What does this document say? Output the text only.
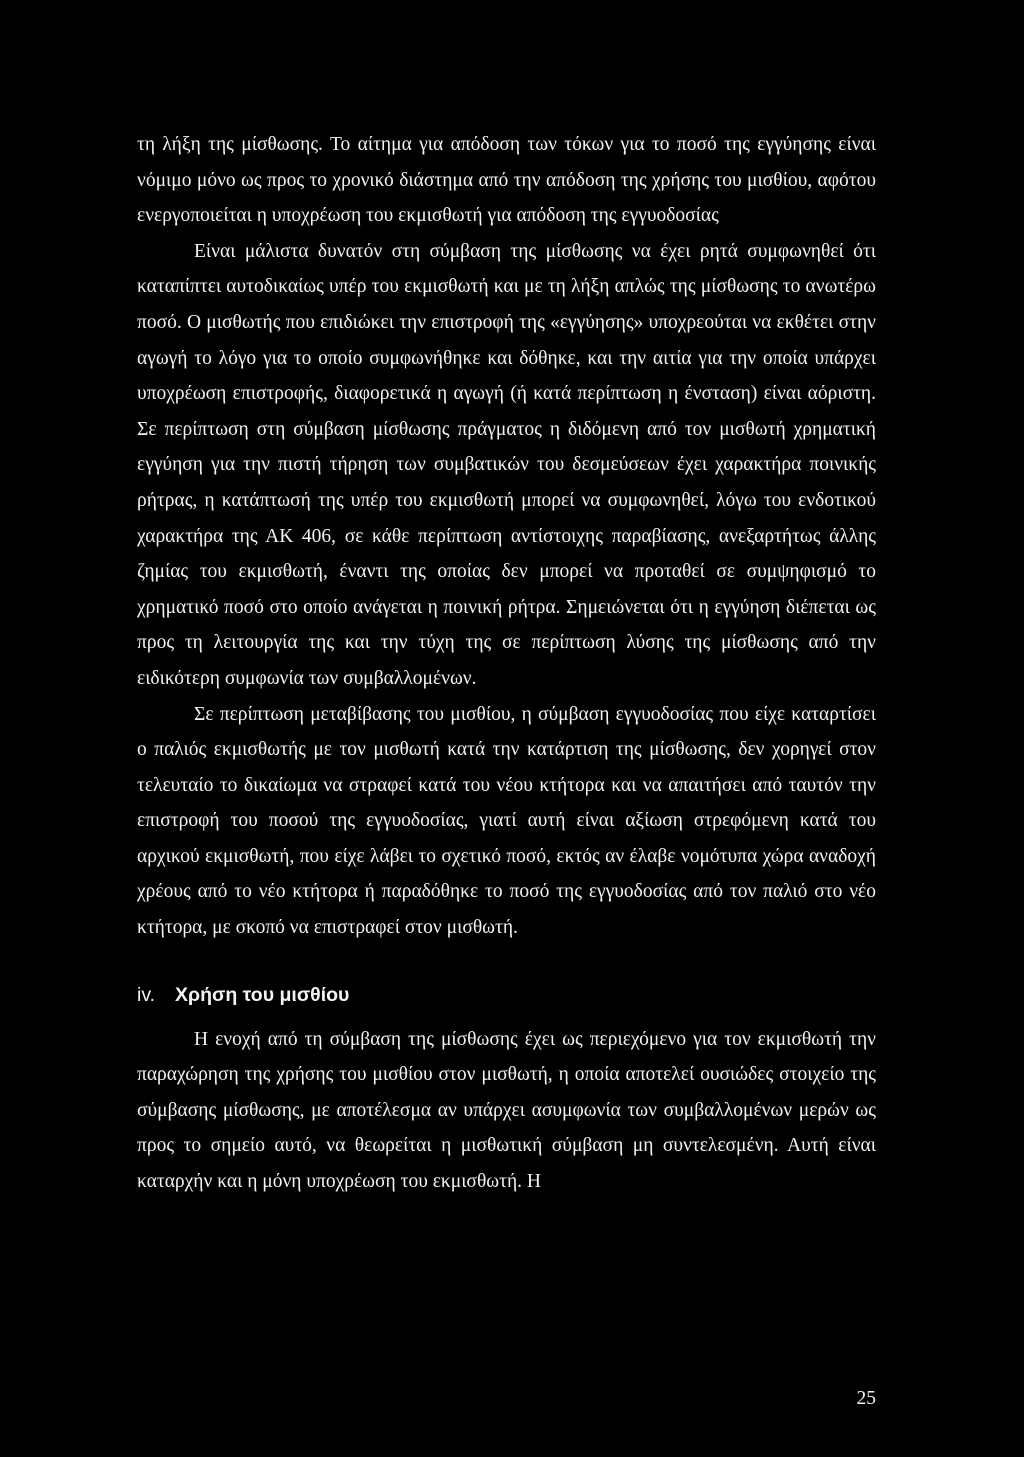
τη λήξη της μίσθωσης. Το αίτημα για απόδοση των τόκων για το ποσό της εγγύησης είναι νόμιμο μόνο ως προς το χρονικό διάστημα από την απόδοση της χρήσης του μισθίου, αφότου ενεργοποιείται η υποχρέωση του εκμισθωτή για απόδοση της εγγυοδοσίας

Είναι μάλιστα δυνατόν στη σύμβαση της μίσθωσης να έχει ρητά συμφωνηθεί ότι καταπίπτει αυτοδικαίως υπέρ του εκμισθωτή και με τη λήξη απλώς της μίσθωσης το ανωτέρω ποσό. Ο μισθωτής που επιδιώκει την επιστροφή της «εγγύησης» υποχρεούται να εκθέτει στην αγωγή το λόγο για το οποίο συμφωνήθηκε και δόθηκε, και την αιτία για την οποία υπάρχει υποχρέωση επιστροφής, διαφορετικά η αγωγή (ή κατά περίπτωση η ένσταση) είναι αόριστη. Σε περίπτωση στη σύμβαση μίσθωσης πράγματος η διδόμενη από τον μισθωτή χρηματική εγγύηση για την πιστή τήρηση των συμβατικών του δεσμεύσεων έχει χαρακτήρα ποινικής ρήτρας, η κατάπτωσή της υπέρ του εκμισθωτή μπορεί να συμφωνηθεί, λόγω του ενδοτικού χαρακτήρα της ΑΚ 406, σε κάθε περίπτωση αντίστοιχης παραβίασης, ανεξαρτήτως άλλης ζημίας του εκμισθωτή, έναντι της οποίας δεν μπορεί να προταθεί σε συμψηφισμό το χρηματικό ποσό στο οποίο ανάγεται η ποινική ρήτρα. Σημειώνεται ότι η εγγύηση διέπεται ως προς τη λειτουργία της και την τύχη της σε περίπτωση λύσης της μίσθωσης από την ειδικότερη συμφωνία των συμβαλλομένων.

Σε περίπτωση μεταβίβασης του μισθίου, η σύμβαση εγγυοδοσίας που είχε καταρτίσει ο παλιός εκμισθωτής με τον μισθωτή κατά την κατάρτιση της μίσθωσης, δεν χορηγεί στον τελευταίο το δικαίωμα να στραφεί κατά του νέου κτήτορα και να απαιτήσει από ταυτόν την επιστροφή του ποσού της εγγυοδοσίας, γιατί αυτή είναι αξίωση στρεφόμενη κατά του αρχικού εκμισθωτή, που είχε λάβει το σχετικό ποσό, εκτός αν έλαβε νομότυπα χώρα αναδοχή χρέους από το νέο κτήτορα ή παραδόθηκε το ποσό της εγγυοδοσίας από τον παλιό στο νέο κτήτορα, με σκοπό να επιστραφεί στον μισθωτή.

iv.	Χρήση του μισθίου

Η ενοχή από τη σύμβαση της μίσθωσης έχει ως περιεχόμενο για τον εκμισθωτή την παραχώρηση της χρήσης του μισθίου στον μισθωτή, η οποία αποτελεί ουσιώδες στοιχείο της σύμβασης μίσθωσης, με αποτέλεσμα αν υπάρχει ασυμφωνία των συμβαλλομένων μερών ως προς το σημείο αυτό, να θεωρείται η μισθωτική σύμβαση μη συντελεσμένη. Αυτή είναι καταρχήν και η μόνη υποχρέωση του εκμισθωτή. Η

25
